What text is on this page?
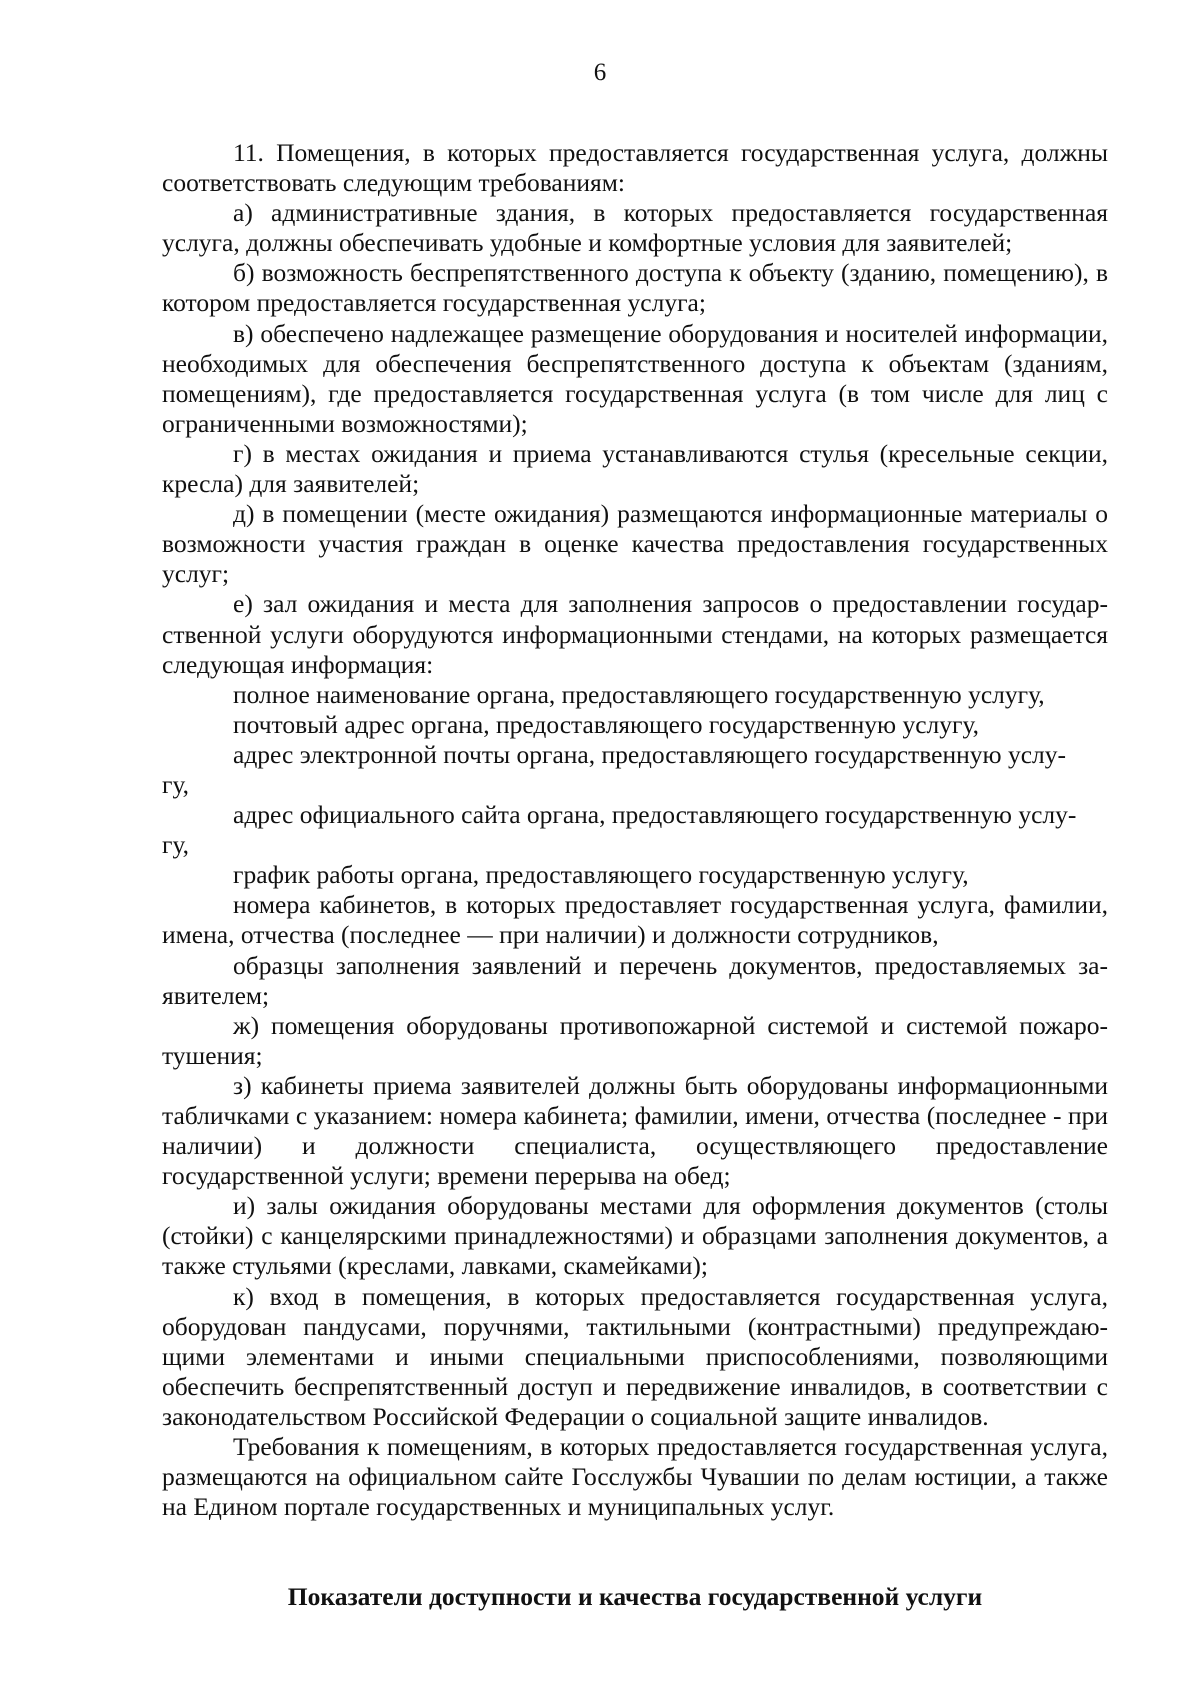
6

11. Помещения, в которых предоставляется государственная услуга, должны соответствовать следующим требованиям:

а) административные здания, в которых предоставляется государственная услуга, должны обеспечивать удобные и комфортные условия для заявителей;

б) возможность беспрепятственного доступа к объекту (зданию, помещению), в котором предоставляется государственная услуга;

в) обеспечено надлежащее размещение оборудования и носителей информации, необходимых для обеспечения беспрепятственного доступа к объектам (зданиям, помещениям), где предоставляется государственная услуга (в том числе для лиц с ограниченными возможностями);

г) в местах ожидания и приема устанавливаются стулья (кресельные секции, кресла) для заявителей;

д) в помещении (месте ожидания) размещаются информационные материалы о возможности участия граждан в оценке качества предоставления государственных услуг;

е) зал ожидания и места для заполнения запросов о предоставлении государственной услуги оборудуются информационными стендами, на которых размещается следующая информация:

полное наименование органа, предоставляющего государственную услугу,

почтовый адрес органа, предоставляющего государственную услугу,

адрес электронной почты органа, предоставляющего государственную услу-

гу,

адрес официального сайта органа, предоставляющего государственную услу-

гу,

график работы органа, предоставляющего государственную услугу,

номера кабинетов, в которых предоставляет государственная услуга, фамилии, имена, отчества (последнее — при наличии) и должности сотрудников,

образцы заполнения заявлений и перечень документов, предоставляемых заявителем;

ж) помещения оборудованы противопожарной системой и системой пожаротушения;

з) кабинеты приема заявителей должны быть оборудованы информационными табличками с указанием: номера кабинета; фамилии, имени, отчества (последнее - при наличии) и должности специалиста, осуществляющего предоставление государственной услуги; времени перерыва на обед;

и) залы ожидания оборудованы местами для оформления документов (столы (стойки) с канцелярскими принадлежностями) и образцами заполнения документов, а также стульями (креслами, лавками, скамейками);

к) вход в помещения, в которых предоставляется государственная услуга, оборудован пандусами, поручнями, тактильными (контрастными) предупреждающими элементами и иными специальными приспособлениями, позволяющими обеспечить беспрепятственный доступ и передвижение инвалидов, в соответствии с законодательством Российской Федерации о социальной защите инвалидов.

Требования к помещениям, в которых предоставляется государственная услуга, размещаются на официальном сайте Госслужбы Чувашии по делам юстиции, а также на Едином портале государственных и муниципальных услуг.

Показатели доступности и качества государственной услуги
